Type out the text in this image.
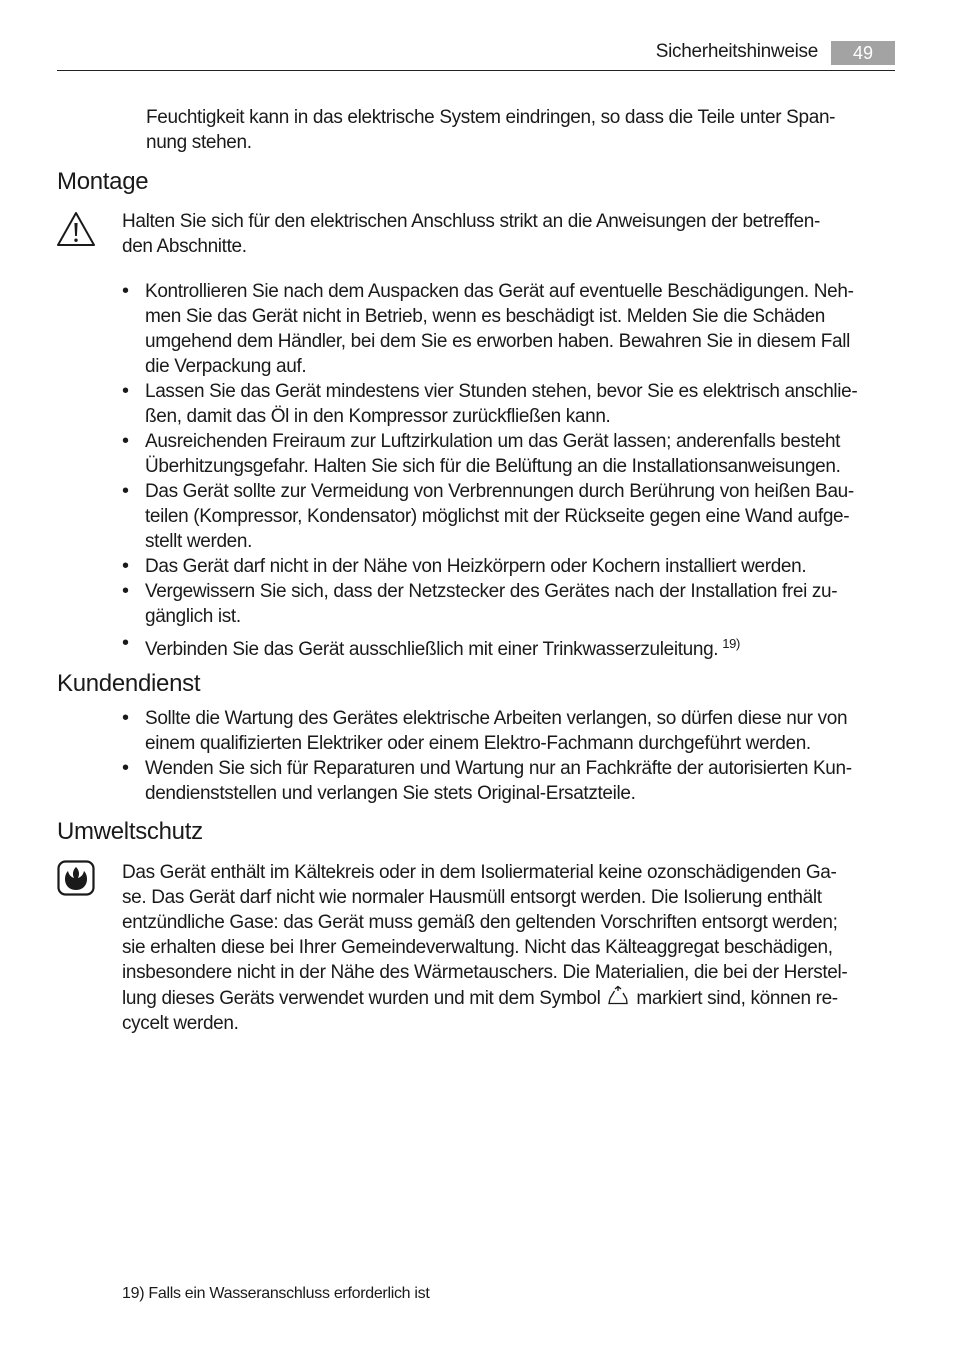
Sicherheitshinweise	49

Feuchtigkeit kann in das elektrische System eindringen, so dass die Teile unter Span-
nung stehen.

Montage

Halten Sie sich für den elektrischen Anschluss strikt an die Anweisungen der betreffen-
den Abschnitte.

• Kontrollieren Sie nach dem Auspacken das Gerät auf eventuelle Beschädigungen. Neh-
men Sie das Gerät nicht in Betrieb, wenn es beschädigt ist. Melden Sie die Schäden
umgehend dem Händler, bei dem Sie es erworben haben. Bewahren Sie in diesem Fall
die Verpackung auf.
• Lassen Sie das Gerät mindestens vier Stunden stehen, bevor Sie es elektrisch anschlie-
ßen, damit das Öl in den Kompressor zurückfließen kann.
• Ausreichenden Freiraum zur Luftzirkulation um das Gerät lassen; anderenfalls besteht
Überhitzungsgefahr. Halten Sie sich für die Belüftung an die Installationsanweisungen.
• Das Gerät sollte zur Vermeidung von Verbrennungen durch Berührung von heißen Bau-
teilen (Kompressor, Kondensator) möglichst mit der Rückseite gegen eine Wand aufge-
stellt werden.
• Das Gerät darf nicht in der Nähe von Heizkörpern oder Kochern installiert werden.
• Vergewissern Sie sich, dass der Netzstecker des Gerätes nach der Installation frei zu-
gänglich ist.
• Verbinden Sie das Gerät ausschließlich mit einer Trinkwasserzuleitung. $^{19)}$
Kundendienst
• Sollte die Wartung des Gerätes elektrische Arbeiten verlangen, so dürfen diese nur von
einem qualifizierten Elektriker oder einem Elektro-Fachmann durchgeführt werden.
• Wenden Sie sich für Reparaturen und Wartung nur an Fachkräfte der autorisierten Kun-
dendienststellen und verlangen Sie stets Original-Ersatzteile.
Umweltschutz

Das Gerät enthält im Kältekreis oder in dem Isoliermaterial keine ozonschädigenden Ga-
se. Das Gerät darf nicht wie normaler Hausmüll entsorgt werden. Die Isolierung enthält
entzündliche Gase: das Gerät muss gemäß den geltenden Vorschriften entsorgt werden;
sie erhalten diese bei Ihrer Gemeindeverwaltung. Nicht das Kälteaggregat beschädigen,
insbesondere nicht in der Nähe des Wärmetauschers. Die Materialien, die bei der Herstel-
lung dieses Geräts verwendet wurden und mit dem Symbol markiert sind, können re-
cycelt werden.

19) Falls ein Wasseranschluss erforderlich ist
